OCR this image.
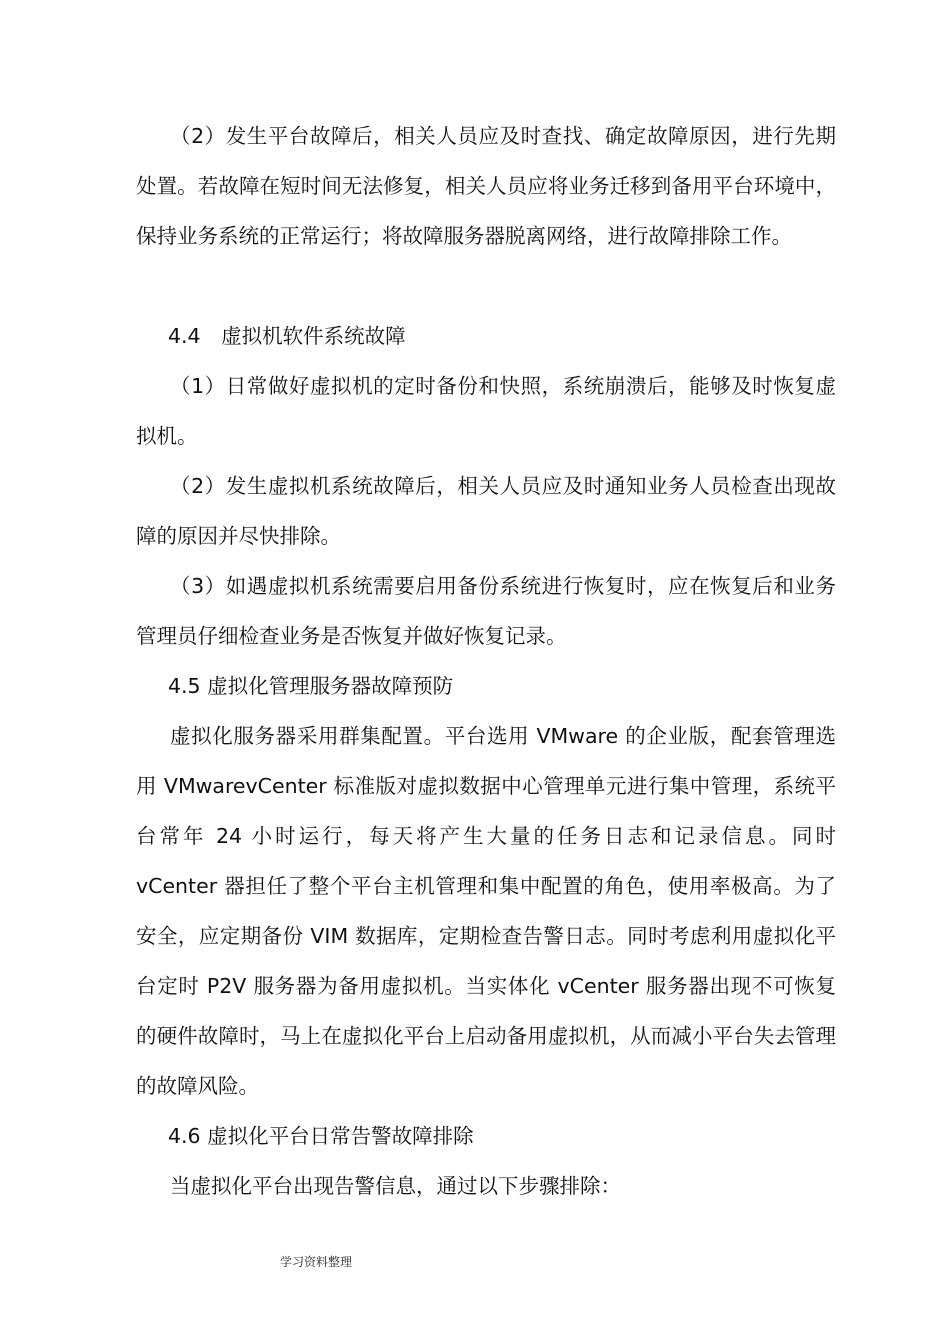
（2）发生平台故障后，相关人员应及时查找、确定故障原因，进行先期处置。若故障在短时间无法修复，相关人员应将业务迁移到备用平台环境中，保持业务系统的正常运行；将故障服务器脱离网络，进行故障排除工作。

4.4　虚拟机软件系统故障

（1）日常做好虚拟机的定时备份和快照，系统崩溃后，能够及时恢复虚拟机。

（2）发生虚拟机系统故障后，相关人员应及时通知业务人员检查出现故障的原因并尽快排除。

（3）如遇虚拟机系统需要启用备份系统进行恢复时，应在恢复后和业务管理员仔细检查业务是否恢复并做好恢复记录。

4.5 虚拟化管理服务器故障预防

虚拟化服务器采用群集配置。平台选用 VMware 的企业版，配套管理选用 VMwarevCenter 标准版对虚拟数据中心管理单元进行集中管理，系统平台常年 24 小时运行，每天将产生大量的任务日志和记录信息。同时 vCenter 器担任了整个平台主机管理和集中配置的角色，使用率极高。为了安全，应定期备份 VIM 数据库，定期检查告警日志。同时考虑利用虚拟化平台定时 P2V 服务器为备用虚拟机。当实体化 vCenter 服务器出现不可恢复的硬件故障时，马上在虚拟化平台上启动备用虚拟机，从而减小平台失去管理的故障风险。

4.6 虚拟化平台日常告警故障排除

当虚拟化平台出现告警信息，通过以下步骤排除：

学习资料整理
